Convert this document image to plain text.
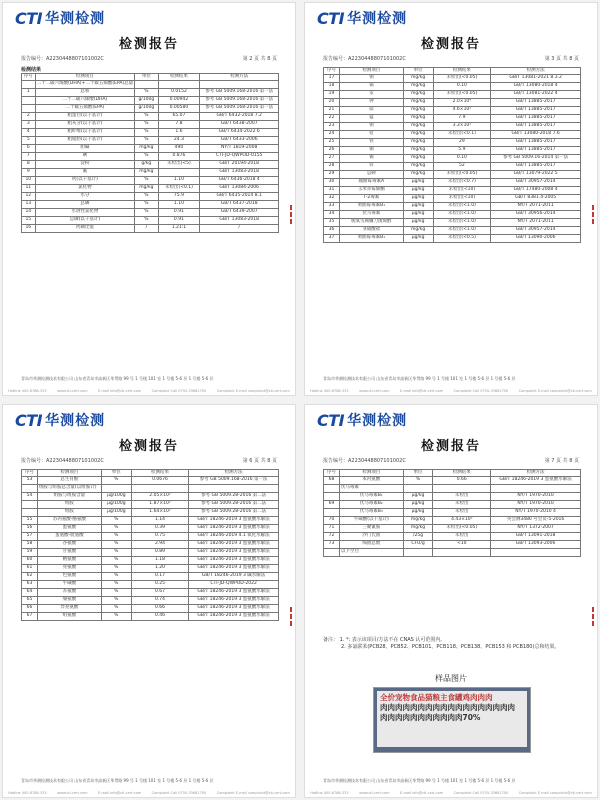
CTI 华测检测
检测报告
报告编号：A2230448807101002C	第 2 页 共 8 页
检测结果
序号	检测项目	单位	检测结果	检测方法
	二十二碳六烯酸(DHA)+二十碳五烯酸(EPA)总量			
1	总和	%	0.0152	参考 GB 5009.168-2016 第一法
	二十二碳六烯酸(DHA)	g/100g	0.00942	参考 GB 5009.168-2016 第一法
	二十碳五烯酸(EPA)	g/100g	0.00580	参考 GB 5009.168-2016 第一法
2	粗蛋白(以干基计)	%	65.07	GB/T 6432-2018 7.2
3	粗灰分(以干基计)	%	7.8	GB/T 6438-2007
4	粗纤维(以干基计)	%	1.6	GB/T 6434-2022 6
5	粗脂肪(以干基计)	%	24.3	GB/T 6433-2006
6	胆碱	mg/kg	490	NY/T 1819-2008
7	碘	%	0.876	CTI-JD-QWPOD-0155
8	淀粉	g/kg	未检出(<5)	GB/T 20194-2018
9	氟	mg/kg		GB/T 13083-2018
10	钙(以干基计)	%	1.10	GB/T 6436-2018 4
11	氯化物	mg/kg	未检出(<0.1)	GB/T 13084-2006
12	水分	%	75.9	GB/T 6435-2014 8.1
13	总磷	%	1.10	GB/T 6437-2018
14	水溶性氯化物	%	0.91	GB/T 6439-2007
15	总磷(以干基计)	%	0.91	GB/T 13083-2018
16	钙磷比值	/	1.21:1	/
青岛市华测检测技术有限公司 山东省青岛市高新区华贯路 99 号 1 号楼 101 室 1 号楼 5-6 层 1 号楼 5-6 层
Hotline 400-6788-333	www.cti-cert.com	E-mail info@cti-cert.com	Complaint Call 0755-33681700	Complaint E-mail complaint@cti-cert.com
CTI 华测检测
检测报告
报告编号：A2230448807101002C	第 3 页 共 8 页
序号	检测项目	单位	检测结果	检测方法
17	钠	mg/kg	未检出(<0.05)	GB/T 13081-2021 8.3.2
18	镉	mg/kg	0.10	GB/T 13080-2018 4
19	汞	mg/kg	未检出(<0.05)	GB/T 13081-2022 4
20	钾	mg/kg	2.0×10⁴	GB/T 13885-2017
21	镁	mg/kg	4.6×10³	GB/T 13885-2017
22	锰	mg/kg	7.9	GB/T 13885-2017
23	钠	mg/kg	3.3×10³	GB/T 13885-2017
24	铅	mg/kg	未检出(<0.1)	GB/T 13080-2018 7.6
25	铁	mg/kg	29	GB/T 13885-2017
26	铜	mg/kg	5.9	GB/T 13885-2017
27	锡	mg/kg	0.10	参考 GB 5009.16-2014 第一法
28	锌	mg/kg	52	GB/T 13885-2017
29	总砷	mg/kg	未检出(<0.05)	GB/T 13079-2022 5
30	赭曲霉毒素A	μg/kg	未检出(<0.7)	GB/T 30957-2014
31	玉米赤霉烯酮	μg/kg	未检出(<10)	GB/T 17480-2008 4
32	T-2毒素	μg/kg	未检出(<10)	GB/T 8381.4-2005
33	黄曲霉毒素B₁	μg/kg	未检出(<1.0)	NY/T 2071-2011
34	伏马毒素	μg/kg	未检出(<1.0)	GB/T 30956-2014
35	脱氧雪腐镰刀菌烯醇	μg/kg	未检出(<1.0)	NY/T 2071-2011
36	亚硝酸盐	mg/kg	未检出(<1.0)	GB/T 30957-2014
37	黄曲霉毒素B₁	μg/kg	未检出(<0.5)	GB/T 13090-2006
青岛市华测检测技术有限公司 山东省青岛市高新区华贯路 99 号 1 号楼 101 室 1 号楼 5-6 层 1 号楼 5-6 层
Hotline 400-6788-333	www.cti-cert.com	E-mail info@cti-cert.com	Complaint Call 0755-33681700	Complaint E-mail complaint@cti-cert.com
CTI 华测检测
检测报告
报告编号：A2230448807101002C	第 6 页 共 8 页
序号	检测项目	单位	检测结果	检测方法
53	总生育酚	%	0.0676	参考 GB 5009.168-2016 第一法
	组胺与组胺总含量(以组胺计)			
54	组胺与组胺含量	μg/100g	2.05×10²	参考 GB 5009.28-2016 第二法
	组胺	μg/100g	1.87×10²	参考 GB 5009.28-2016 第二法
	组胺	μg/100g	1.64×10²	参考 GB 5009.28-2016 第二法
55	苏丙氨酸-酪氨酸	%	1.14	GB/T 18246-2019 3 蛋氨酸水解法
56	蛋氨酸	%	0.39	GB/T 18246-2019 3 蛋氨酸水解法
57	蛋氨酸-胱氨酸	%	0.75	GB/T 18246-2019 4.1 氧化水解法
58	谷氨酸	%	2.94	GB/T 18246-2019 3 蛋氨酸水解法
59	甘氨酸	%	0.89	GB/T 18246-2019 3 蛋氨酸水解法
60	精氨酸	%	1.18	GB/T 18246-2019 3 蛋氨酸水解法
61	亮氨酸	%	1.20	GB/T 18246-2019 3 蛋氨酸水解法
62	色氨酸	%	0.17	GB/T 18246-2019 3 碱水解法
63	牛磺酸	%	0.25	CTI-JD-QWPOD-2022
64	苏氨酸	%	0.67	GB/T 18246-2019 3 蛋氨酸水解法
65	缬氨酸	%	0.74	GB/T 18246-2019 3 蛋氨酸水解法
66	异亮氨酸	%	0.66	GB/T 18246-2019 3 蛋氨酸水解法
67	组氨酸	%	0.46	GB/T 18246-2019 3 蛋氨酸水解法
青岛市华测检测技术有限公司 山东省青岛市高新区华贯路 99 号 1 号楼 101 室 1 号楼 5-6 层 1 号楼 5-6 层
Hotline 400-6788-333	www.cti-cert.com	E-mail info@cti-cert.com	Complaint Call 0755-33681700	Complaint E-mail complaint@cti-cert.com
CTI 华测检测
检测报告
报告编号：A2230448807101002C	第 7 页 共 8 页
序号	检测项目	单位	检测结果	检测方法
68	苯丙氨酸	%	0.66	GB/T 18246-2019 3 蛋氨酸水解法
	伏马毒素			
	伏马毒素B₁	μg/kg	未检出	NY/T 1970-2010
69	伏马毒素B₂	μg/kg	未检出	NY/T 1970-2010
	伏马毒素B₃	μg/kg	未检出	NY/T 1970-2010 4
70	牛磺酸(以干基计)	mg/kg	4.43×10³	英会测3480 号会员-5-2016
71	三聚氰胺	mg/kg	未检出(<0.05)	NY/T 1372-2007
72	沙门氏菌	/25g	未检出	GB/T 13091-2018
73	细菌总数	CFU/g	<10	GB/T 13093-2006
	以下空白			
备注： 1. *: 表示该项目/方法不在 CNAS 认可范围内。
2. 多氯联苯(PCB28、PCB52、PCB101、PCB118、PCB138、PCB153 和 PCB180)总和结果。
样品图片
全价宠物食品猫粮主食罐鸡肉肉肉
肉肉肉肉肉肉肉肉肉肉肉肉肉肉肉肉肉肉
肉肉肉肉肉肉肉肉肉肉肉70%
青岛市华测检测技术有限公司 山东省青岛市高新区华贯路 99 号 1 号楼 101 室 1 号楼 5-6 层 1 号楼 5-6 层
Hotline 400-6788-333	www.cti-cert.com	E-mail info@cti-cert.com	Complaint Call 0755-33681700	Complaint E-mail complaint@cti-cert.com
